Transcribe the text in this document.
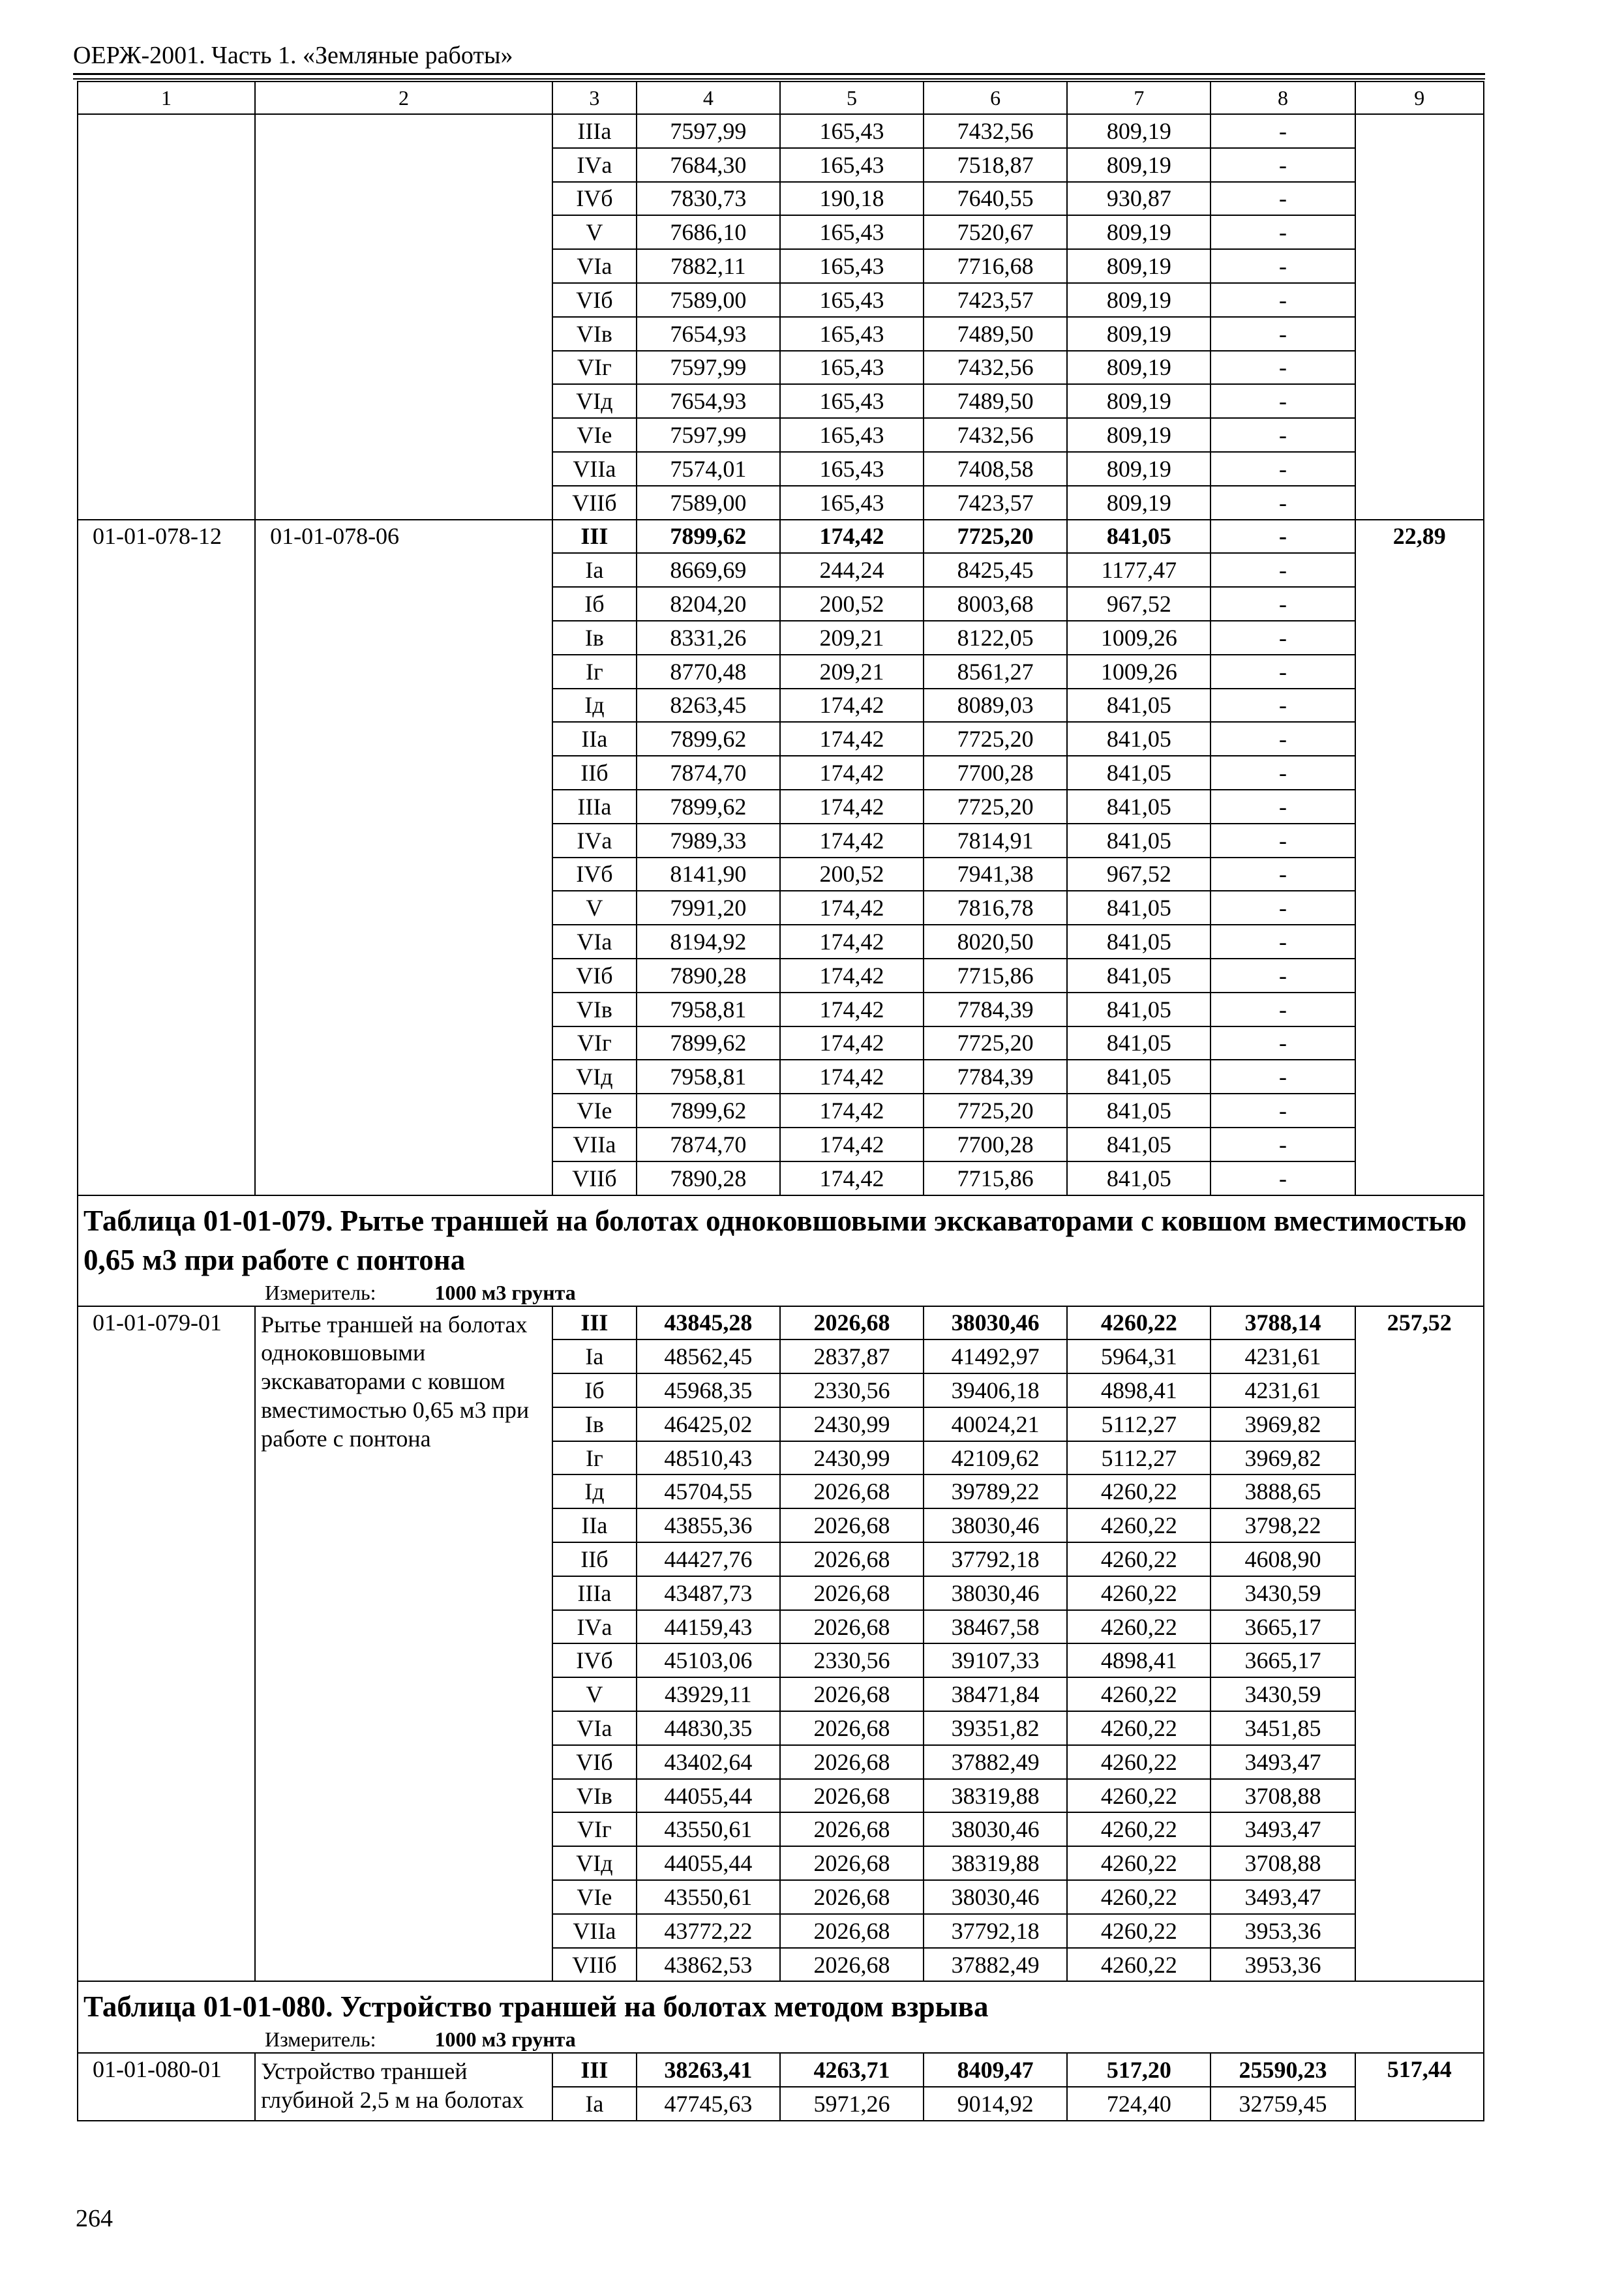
ОЕРЖ-2001. Часть 1. «Земляные работы»
1	2	3	4	5	6	7	8	9
		IIIа	7597,99	165,43	7432,56	809,19	-	
		IVа	7684,30	165,43	7518,87	809,19	-	
		IVб	7830,73	190,18	7640,55	930,87	-	
		V	7686,10	165,43	7520,67	809,19	-	
		VIа	7882,11	165,43	7716,68	809,19	-	
		VIб	7589,00	165,43	7423,57	809,19	-	
		VIв	7654,93	165,43	7489,50	809,19	-	
		VIг	7597,99	165,43	7432,56	809,19	-	
		VIд	7654,93	165,43	7489,50	809,19	-	
		VIе	7597,99	165,43	7432,56	809,19	-	
		VIIа	7574,01	165,43	7408,58	809,19	-	
		VIIб	7589,00	165,43	7423,57	809,19	-	
01-01-078-12	01-01-078-06	III	7899,62	174,42	7725,20	841,05	-	22,89
		Iа	8669,69	244,24	8425,45	1177,47	-	
		Iб	8204,20	200,52	8003,68	967,52	-	
		Iв	8331,26	209,21	8122,05	1009,26	-	
		Iг	8770,48	209,21	8561,27	1009,26	-	
		Iд	8263,45	174,42	8089,03	841,05	-	
		IIа	7899,62	174,42	7725,20	841,05	-	
		IIб	7874,70	174,42	7700,28	841,05	-	
		IIIа	7899,62	174,42	7725,20	841,05	-	
		IVа	7989,33	174,42	7814,91	841,05	-	
		IVб	8141,90	200,52	7941,38	967,52	-	
		V	7991,20	174,42	7816,78	841,05	-	
		VIа	8194,92	174,42	8020,50	841,05	-	
		VIб	7890,28	174,42	7715,86	841,05	-	
		VIв	7958,81	174,42	7784,39	841,05	-	
		VIг	7899,62	174,42	7725,20	841,05	-	
		VIд	7958,81	174,42	7784,39	841,05	-	
		VIе	7899,62	174,42	7725,20	841,05	-	
		VIIа	7874,70	174,42	7700,28	841,05	-	
		VIIб	7890,28	174,42	7715,86	841,05	-	

Таблица 01-01-079. Рытье траншей на болотах одноковшовыми экскаваторами с ковшом вместимостью 0,65 м3 при работе с понтона
Измеритель: 1000 м3 грунта								

01-01-079-01	Рытье траншей на болотах одноковшовыми экскаваторами с ковшом вместимостью 0,65 м3 при работе с понтона	III	43845,28	2026,68	38030,46	4260,22	3788,14	257,52
		Iа	48562,45	2837,87	41492,97	5964,31	4231,61	
		Iб	45968,35	2330,56	39406,18	4898,41	4231,61	
		Iв	46425,02	2430,99	40024,21	5112,27	3969,82	
		Iг	48510,43	2430,99	42109,62	5112,27	3969,82	
		Iд	45704,55	2026,68	39789,22	4260,22	3888,65	
		IIа	43855,36	2026,68	38030,46	4260,22	3798,22	
		IIб	44427,76	2026,68	37792,18	4260,22	4608,90	
		IIIа	43487,73	2026,68	38030,46	4260,22	3430,59	
		IVа	44159,43	2026,68	38467,58	4260,22	3665,17	
		IVб	45103,06	2330,56	39107,33	4898,41	3665,17	
		V	43929,11	2026,68	38471,84	4260,22	3430,59	
		VIа	44830,35	2026,68	39351,82	4260,22	3451,85	
		VIб	43402,64	2026,68	37882,49	4260,22	3493,47	
		VIв	44055,44	2026,68	38319,88	4260,22	3708,88	
		VIг	43550,61	2026,68	38030,46	4260,22	3493,47	
		VIд	44055,44	2026,68	38319,88	4260,22	3708,88	
		VIе	43550,61	2026,68	38030,46	4260,22	3493,47	
		VIIа	43772,22	2026,68	37792,18	4260,22	3953,36	
		VIIб	43862,53	2026,68	37882,49	4260,22	3953,36	

Таблица 01-01-080. Устройство траншей на болотах методом взрыва
Измеритель: 1000 м3 грунта								

01-01-080-01	Устройство траншей глубиной 2,5 м на болотах	III	38263,41	4263,71	8409,47	517,20	25590,23	517,44
		Iа	47745,63	5971,26	9014,92	724,40	32759,45	
264
